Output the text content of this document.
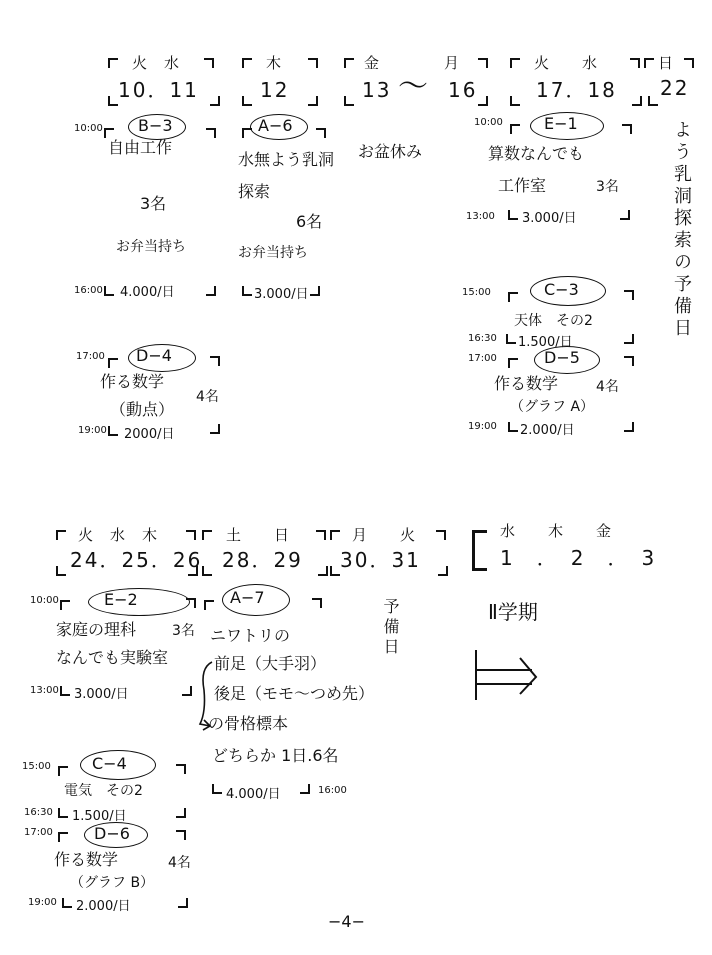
火　水
10．11
木
12
金　　　　月
13 〜 16
火　　水
17．18
日
22
10:00 B−3
自由工作
3名
お弁当持ち
16:00 4.000/日
A−6
水無よう乳洞
探索
6名
お弁当持ち
3.000/日
お盆休み
10:00	E−1
算数なんでも
工作室	3名
13:00 3.000/日	よう乳洞探索の予備日
15:00	C−3
天体　その2
16:30 1.500/日
17:00	D−5
作る数学	4名
（グラフ A）
19:00 2.000/日
17:00 D−4
作る数学
4名
（動点）
19:00 2000/日
火　水　木
24．25．26
土　　日
28．29
月　　火
30．31
水　　木　　金
1　．　2　．　3
10:00	E−2
家庭の理科	3名
なんでも実験室
13:00 3.000/日
A−7
ニワトリの
前足（大手羽）
後足（モモ〜つめ先）
の骨格標本
どちらか 1日.6名
4.000/日	16:00
予備日	Ⅱ学期
15:00	C−4
電気　その2
16:30 1.500/日
17:00	D−6
作る数学	4名
（グラフ B）
19:00 2.000/日
−4−
